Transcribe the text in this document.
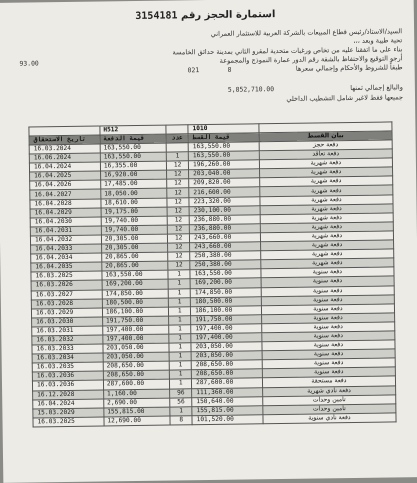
استمارة الحجز رقم 3154181
السيد/الاستاذ/رئيس قطاع المبيعات بالشركة العربية للاستثمار العمراني
تحية طيبة وبعد ،،،
بناء على ما اتفقنا عليه من تخاص ورغبات متحدية لمقرو الثاني بمدينة حدائق الخامسة
أرجو التوقيع والاحتفاظ بالشقة رقم الدور عمارة النموذج والمجموعة
طبقاً للشروط والأحكام وإجمالي سعرها
93.00
021	8
والبالغ إجمالي ثمنها
5,852,710.00
جميعها فقط لاغير شامل التشطيب الداخلي
	1010		H512	
بيان القسط	قيمة القسط	عدد	قيمة الدفعة	تاريخ الاستحقاق
دفعة حجز	163,550.00		163,550.00	16.03.2024
دفعة تعاقد	163,550.00	1	163,550.00	16.06.2024
دفعة شهرية	196,260.00	12	16,355.00	16.04.2024
دفعة شهرية	203,040.00	12	16,920.00	16.04.2025
دفعة شهرية	209,820.00	12	17,485.00	16.04.2026
دفعة شهرية	216,600.00	12	18,050.00	16.04.2027
دفعة شهرية	223,320.00	12	18,610.00	16.04.2028
دفعة شهرية	230,100.00	12	19,175.00	16.04.2029
دفعة شهرية	236,880.00	12	19,740.00	16.04.2030
دفعة شهرية	236,880.00	12	19,740.00	16.04.2031
دفعة شهرية	243,660.00	12	20,305.00	16.04.2032
دفعة شهرية	243,660.00	12	20,305.00	16.04.2033
دفعة شهرية	250,380.00	12	20,865.00	16.04.2034
دفعة شهرية	250,380.00	12	20,865.00	16.04.2035
دفعة سنوية	163,550.00	1	163,550.00	16.03.2025
دفعة سنوية	169,200.00	1	169,200.00	16.03.2026
دفعة سنوية	174,850.00	1	174,850.00	16.03.2027
دفعة سنوية	180,500.00	1	180,500.00	16.03.2028
دفعة سنوية	186,100.00	1	186,100.00	16.03.2029
دفعة سنوية	191,750.00	1	191,750.00	16.03.2030
دفعة سنوية	197,400.00	1	197,400.00	16.03.2031
دفعة سنوية	197,400.00	1	197,400.00	16.03.2032
دفعة سنوية	203,050.00	1	203,050.00	16.03.2033
دفعة سنوية	203,050.00	1	203,050.00	16.03.2034
دفعة سنوية	208,650.00	1	208,650.00	16.03.2035
دفعة سنوية	208,650.00	1	208,650.00	16.03.2036
دفعة مستحقة	287,600.00	1	287,600.00	16.03.2036
دفعة نادي شهرية	111,360.00	96	1,160.00	16.12.2028
تأمين وحدات	150,640.00	56	2,690.00	16.04.2024
تأمين وحدات	155,815.00	1	155,815.00	15.03.2029
دفعة نادي سنوية	101,520.00	8	12,690.00	16.03.2025
